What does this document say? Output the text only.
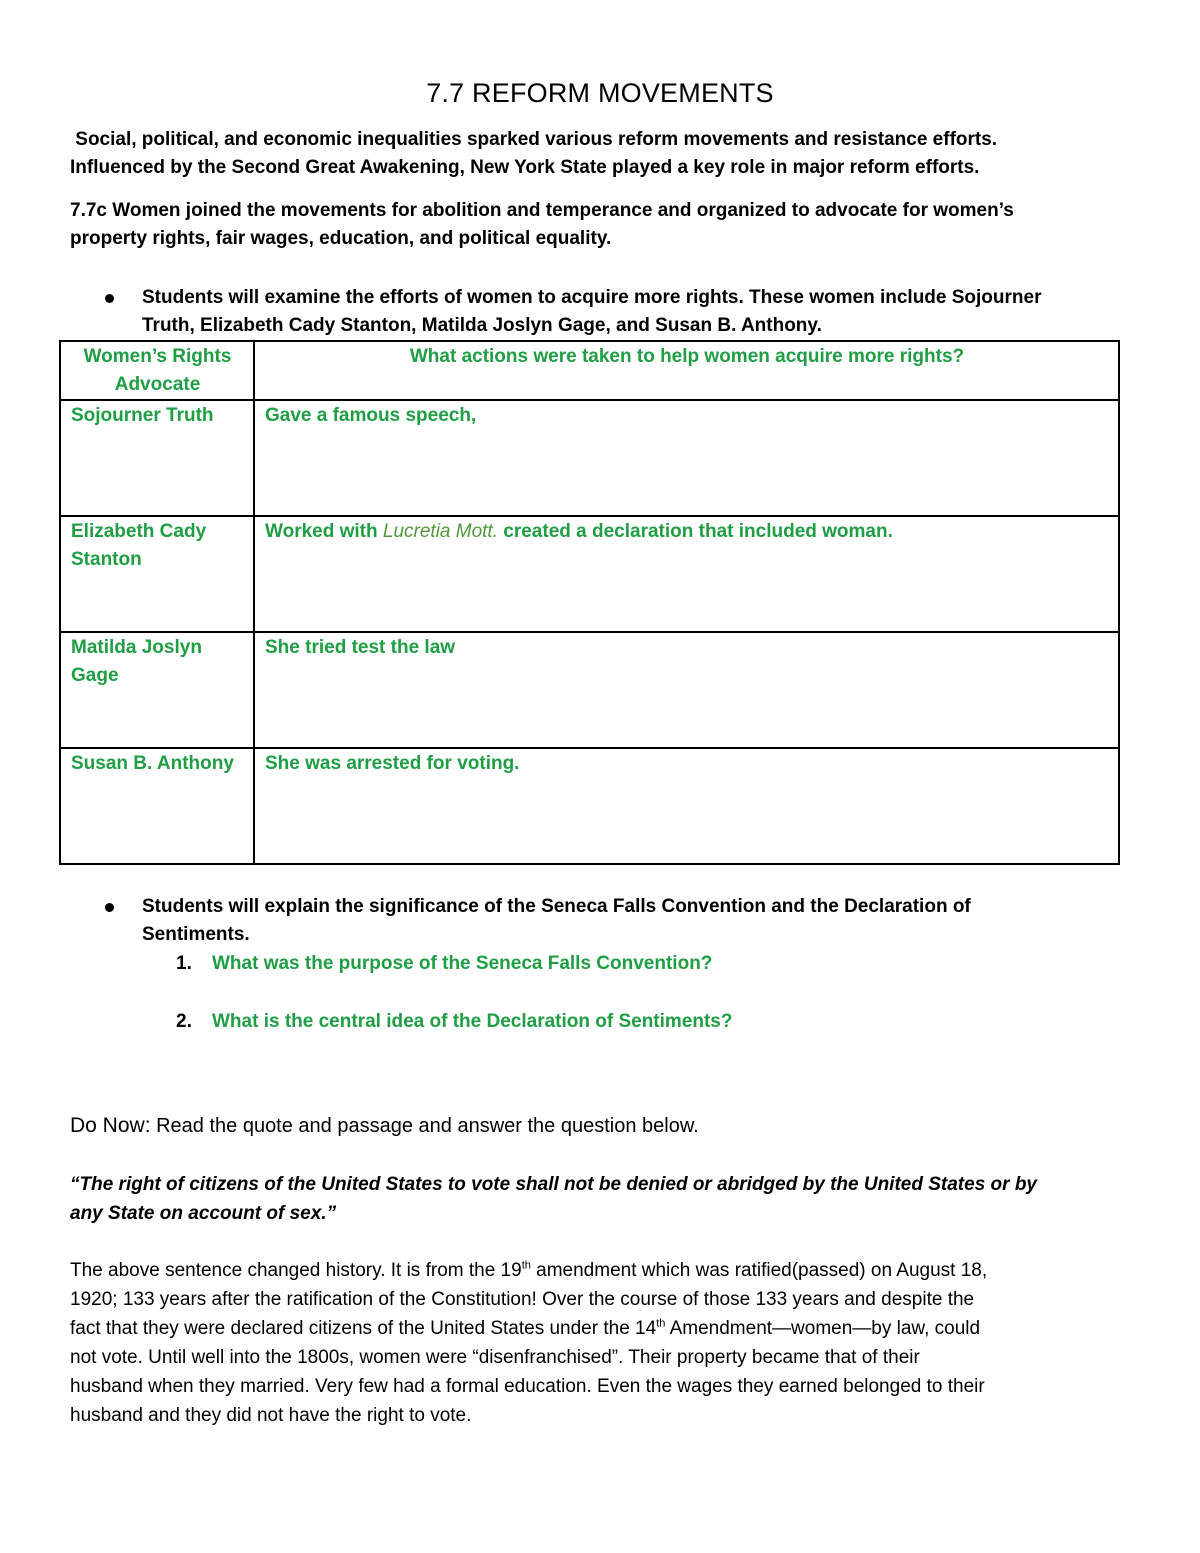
7.7 REFORM MOVEMENTS

Social, political, and economic inequalities sparked various reform movements and resistance efforts.

Influenced by the Second Great Awakening, New York State played a key role in major reform efforts.

7.7c Women joined the movements for abolition and temperance and organized to advocate for women’s

property rights, fair wages, education, and political equality.

Students will examine the efforts of women to acquire more rights. These women include Sojourner
Truth, Elizabeth Cady Stanton, Matilda Joslyn Gage, and Susan B. Anthony.
Women’s Rights
Advocate	What actions were taken to help women acquire more rights?
Sojourner Truth	Gave a famous speech,
Elizabeth Cady
Stanton	Worked with Lucretia Mott. created a declaration that included woman.
Matilda Joslyn
Gage	She tried test the law
Susan B. Anthony	She was arrested for voting.
Students will explain the significance of the Seneca Falls Convention and the Declaration of
Sentiments.
1. What was the purpose of the Seneca Falls Convention?
2. What is the central idea of the Declaration of Sentiments?
Do Now: Read the quote and passage and answer the question below.
“The right of citizens of the United States to vote shall not be denied or abridged by the United States or by
any State on account of sex.”
The above sentence changed history. It is from the 19th amendment which was ratified(passed) on August 18,
1920; 133 years after the ratification of the Constitution! Over the course of those 133 years and despite the
fact that they were declared citizens of the United States under the 14th Amendment—women—by law, could
not vote. Until well into the 1800s, women were “disenfranchised”. Their property became that of their
husband when they married. Very few had a formal education. Even the wages they earned belonged to their
husband and they did not have the right to vote.
